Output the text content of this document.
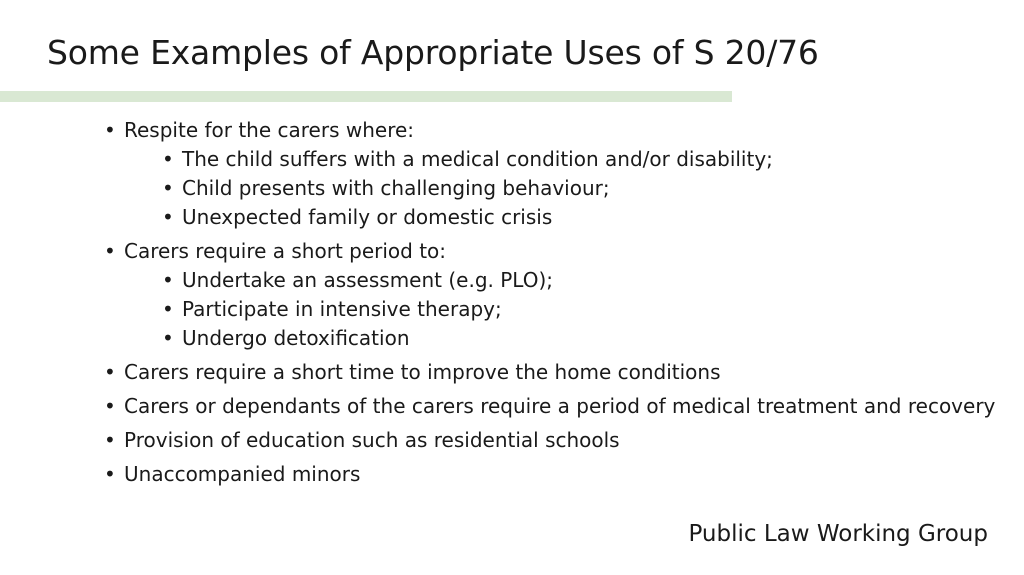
Some Examples of Appropriate Uses of S 20/76
• Respite for the carers where:
• The child suffers with a medical condition and/or disability;
• Child presents with challenging behaviour;
• Unexpected family or domestic crisis
• Carers require a short period to:
• Undertake an assessment (e.g. PLO);
• Participate in intensive therapy;
• Undergo detoxification
• Carers require a short time to improve the home conditions
• Carers or dependants of the carers require a period of medical treatment and recovery
• Provision of education such as residential schools
• Unaccompanied minors
Public Law Working Group
